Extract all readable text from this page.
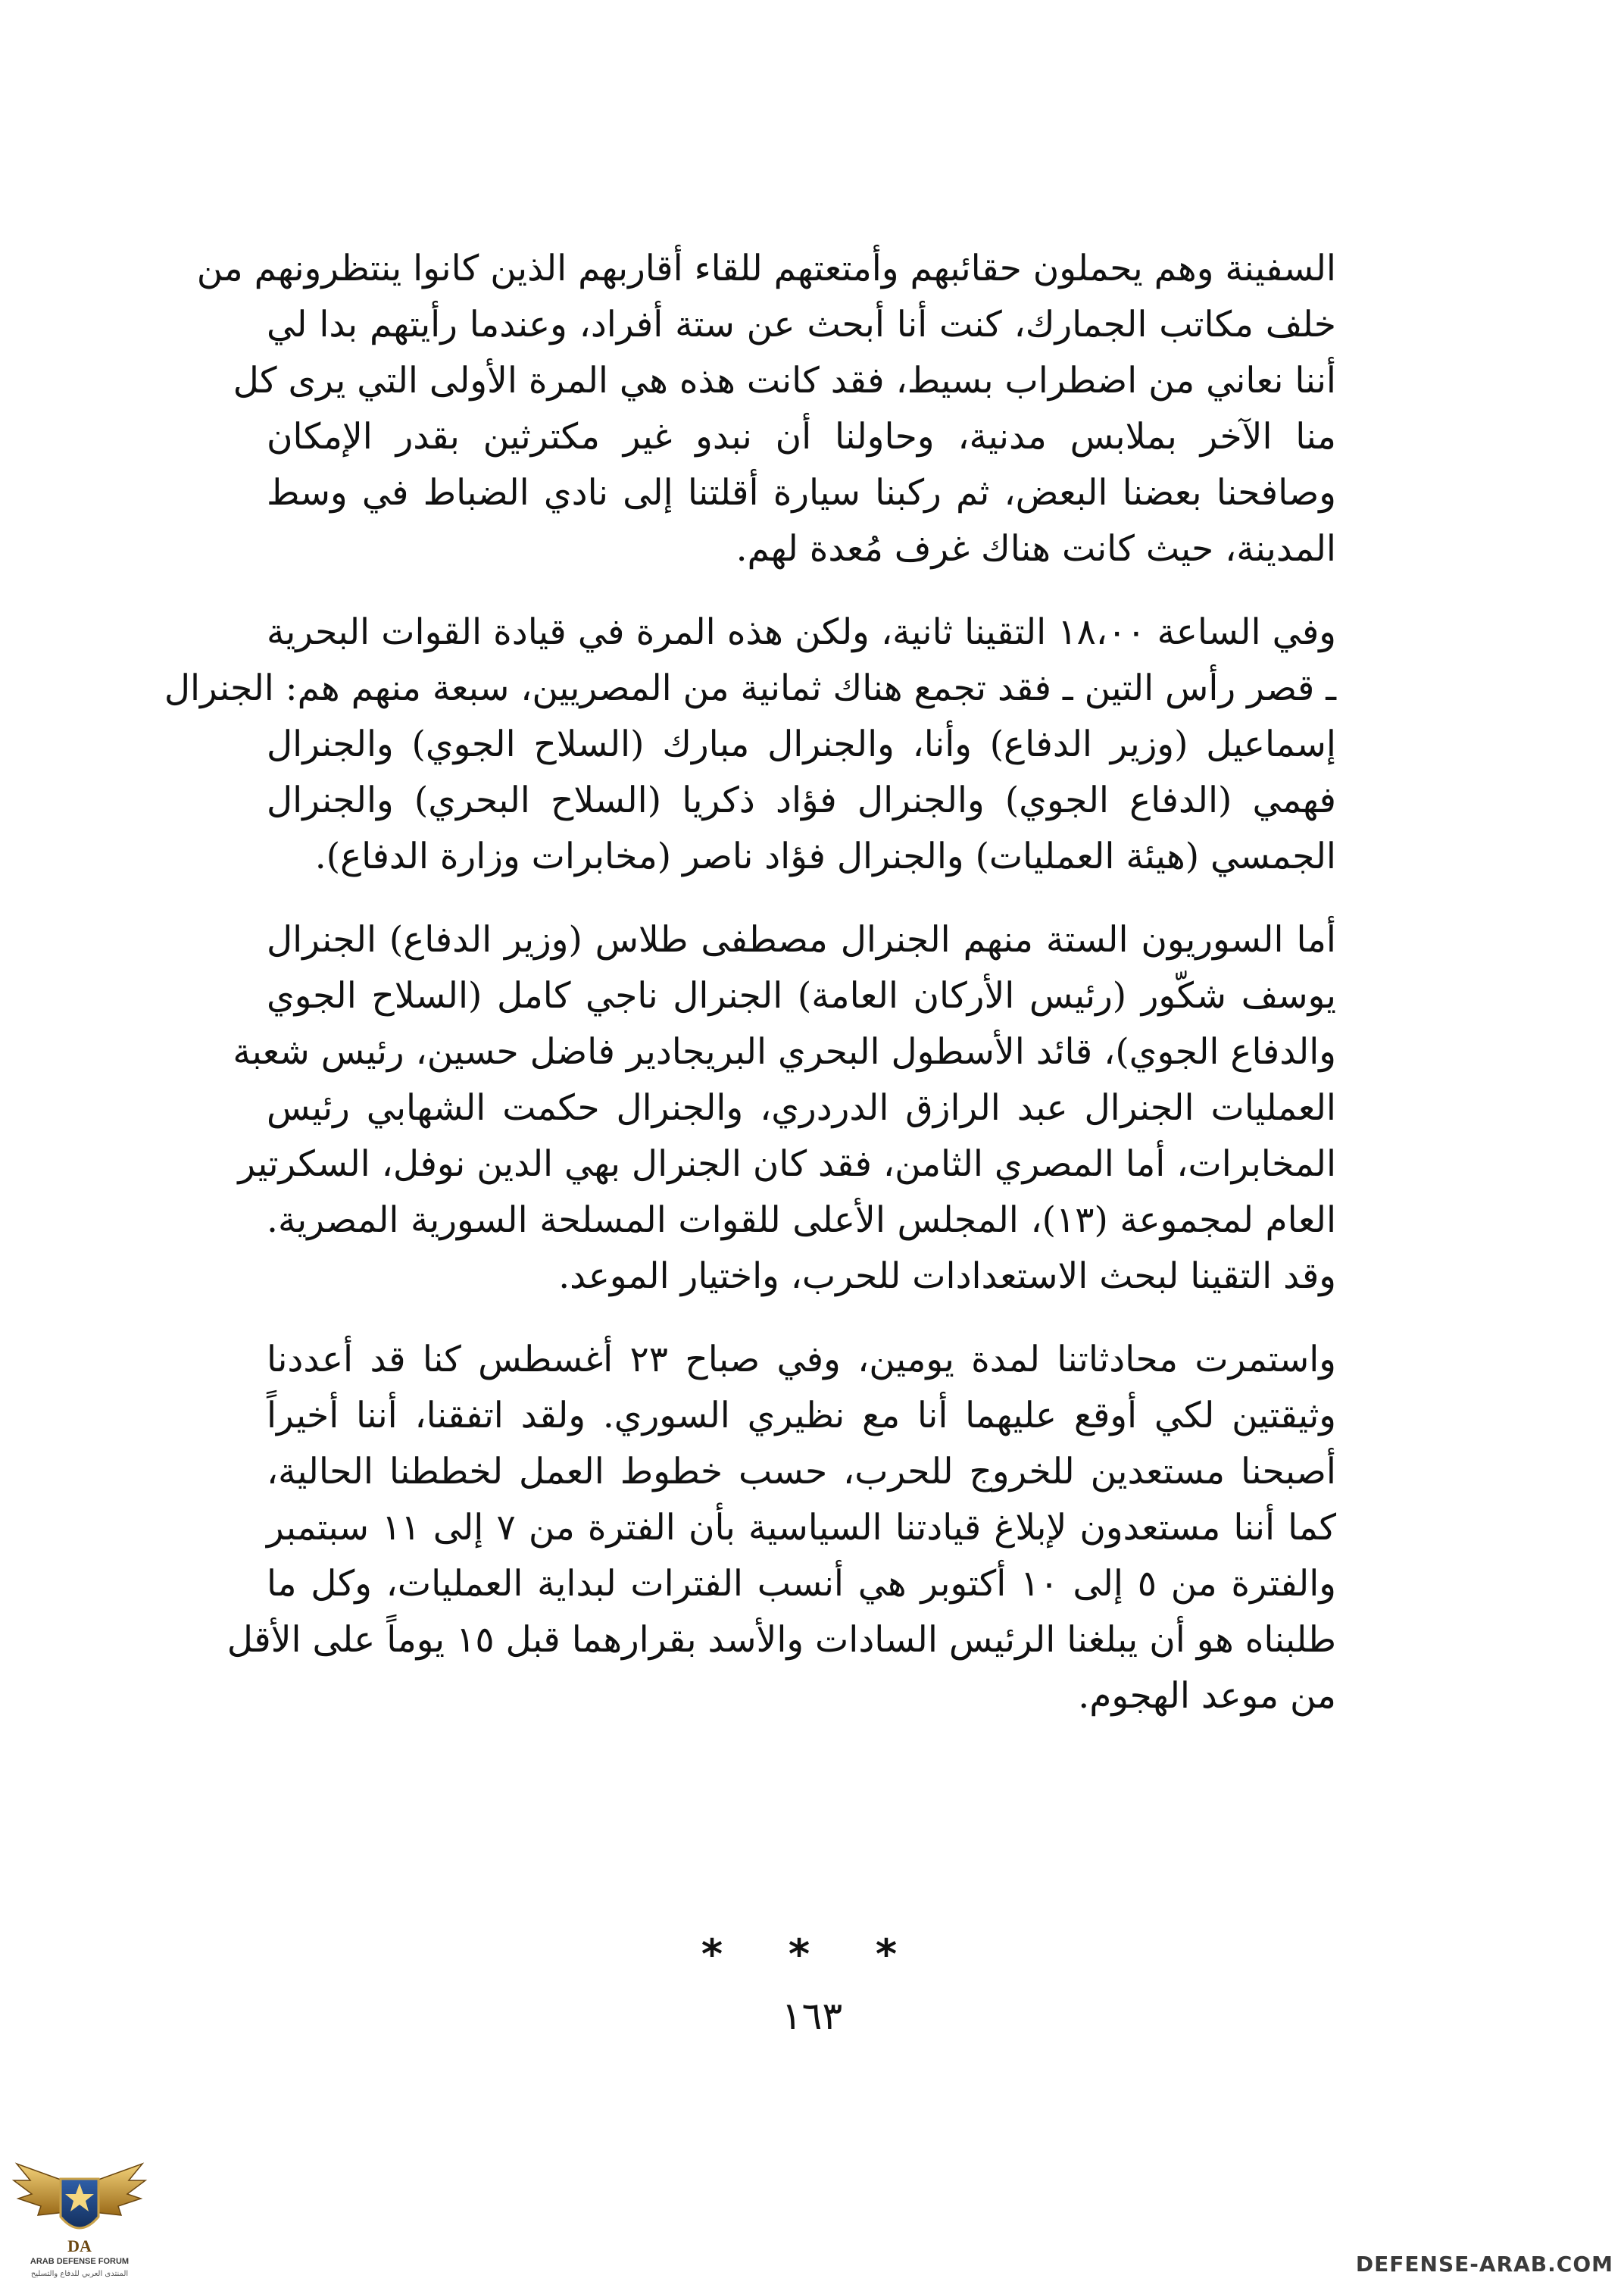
السفينة وهم يحملون حقائبهم وأمتعتهم للقاء أقاربهم الذين كانوا ينتظرونهم من
خلف مكاتب الجمارك، كنت أنا أبحث عن ستة أفراد، وعندما رأيتهم بدا لي
أننا نعاني من اضطراب بسيط، فقد كانت هذه هي المرة الأولى التي يرى كل
منا الآخر بملابس مدنية، وحاولنا أن نبدو غير مكترثين بقدر الإمكان
وصافحنا بعضنا البعض، ثم ركبنا سيارة أقلتنا إلى نادي الضباط في وسط
المدينة، حيث كانت هناك غرف مُعدة لهم.

وفي الساعة ١٨،٠٠ التقينا ثانية، ولكن هذه المرة في قيادة القوات البحرية
ـ قصر رأس التين ـ فقد تجمع هناك ثمانية من المصريين، سبعة منهم هم: الجنرال
إسماعيل (وزير الدفاع) وأنا، والجنرال مبارك (السلاح الجوي) والجنرال
فهمي (الدفاع الجوي) والجنرال فؤاد ذكريا (السلاح البحري) والجنرال
الجمسي (هيئة العمليات) والجنرال فؤاد ناصر (مخابرات وزارة الدفاع).

أما السوريون الستة منهم الجنرال مصطفى طلاس (وزير الدفاع) الجنرال
يوسف شكّور (رئيس الأركان العامة) الجنرال ناجي كامل (السلاح الجوي
والدفاع الجوي)، قائد الأسطول البحري البريجادير فاضل حسين، رئيس شعبة
العمليات الجنرال عبد الرازق الدردري، والجنرال حكمت الشهابي رئيس
المخابرات، أما المصري الثامن، فقد كان الجنرال بهي الدين نوفل، السكرتير
العام لمجموعة (١٣)، المجلس الأعلى للقوات المسلحة السورية المصرية.
وقد التقينا لبحث الاستعدادات للحرب، واختيار الموعد.

واستمرت محادثاتنا لمدة يومين، وفي صباح ٢٣ أغسطس كنا قد أعددنا
وثيقتين لكي أوقع عليهما أنا مع نظيري السوري. ولقد اتفقنا، أننا أخيراً
أصبحنا مستعدين للخروج للحرب، حسب خطوط العمل لخططنا الحالية،
كما أننا مستعدون لإبلاغ قيادتنا السياسية بأن الفترة من ٧ إلى ١١ سبتمبر
والفترة من ٥ إلى ١٠ أكتوبر هي أنسب الفترات لبداية العمليات، وكل ما
طلبناه هو أن يبلغنا الرئيس السادات والأسد بقرارهما قبل ١٥ يوماً على الأقل
من موعد الهجوم.

* * *
١٦٣
DA
ARAB DEFENSE FORUM
المنتدى العربي للدفاع والتسليح	DEFENSE-ARAB.COM
